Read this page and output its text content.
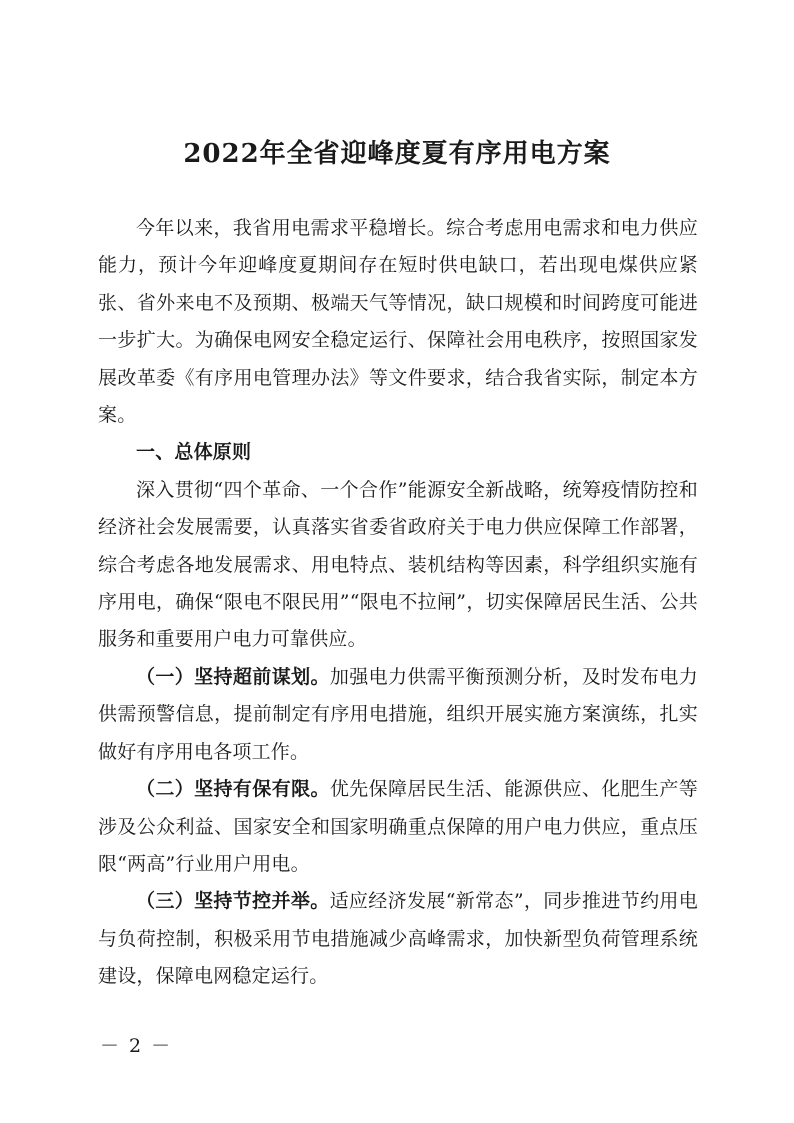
2022年全省迎峰度夏有序用电方案

今年以来，我省用电需求平稳增长。综合考虑用电需求和电力供应能力，预计今年迎峰度夏期间存在短时供电缺口，若出现电煤供应紧张、省外来电不及预期、极端天气等情况，缺口规模和时间跨度可能进一步扩大。为确保电网安全稳定运行、保障社会用电秩序，按照国家发展改革委《有序用电管理办法》等文件要求，结合我省实际，制定本方案。

一、总体原则

深入贯彻“四个革命、一个合作”能源安全新战略，统筹疫情防控和经济社会发展需要，认真落实省委省政府关于电力供应保障工作部署，综合考虑各地发展需求、用电特点、装机结构等因素，科学组织实施有序用电，确保“限电不限民用”“限电不拉闸”，切实保障居民生活、公共服务和重要用户电力可靠供应。

（一）坚持超前谋划。加强电力供需平衡预测分析，及时发布电力供需预警信息，提前制定有序用电措施，组织开展实施方案演练，扎实做好有序用电各项工作。

（二）坚持有保有限。优先保障居民生活、能源供应、化肥生产等涉及公众利益、国家安全和国家明确重点保障的用户电力供应，重点压限“两高”行业用户用电。

（三）坚持节控并举。适应经济发展“新常态”，同步推进节约用电与负荷控制，积极采用节电措施减少高峰需求，加快新型负荷管理系统建设，保障电网稳定运行。

－ 2 －
